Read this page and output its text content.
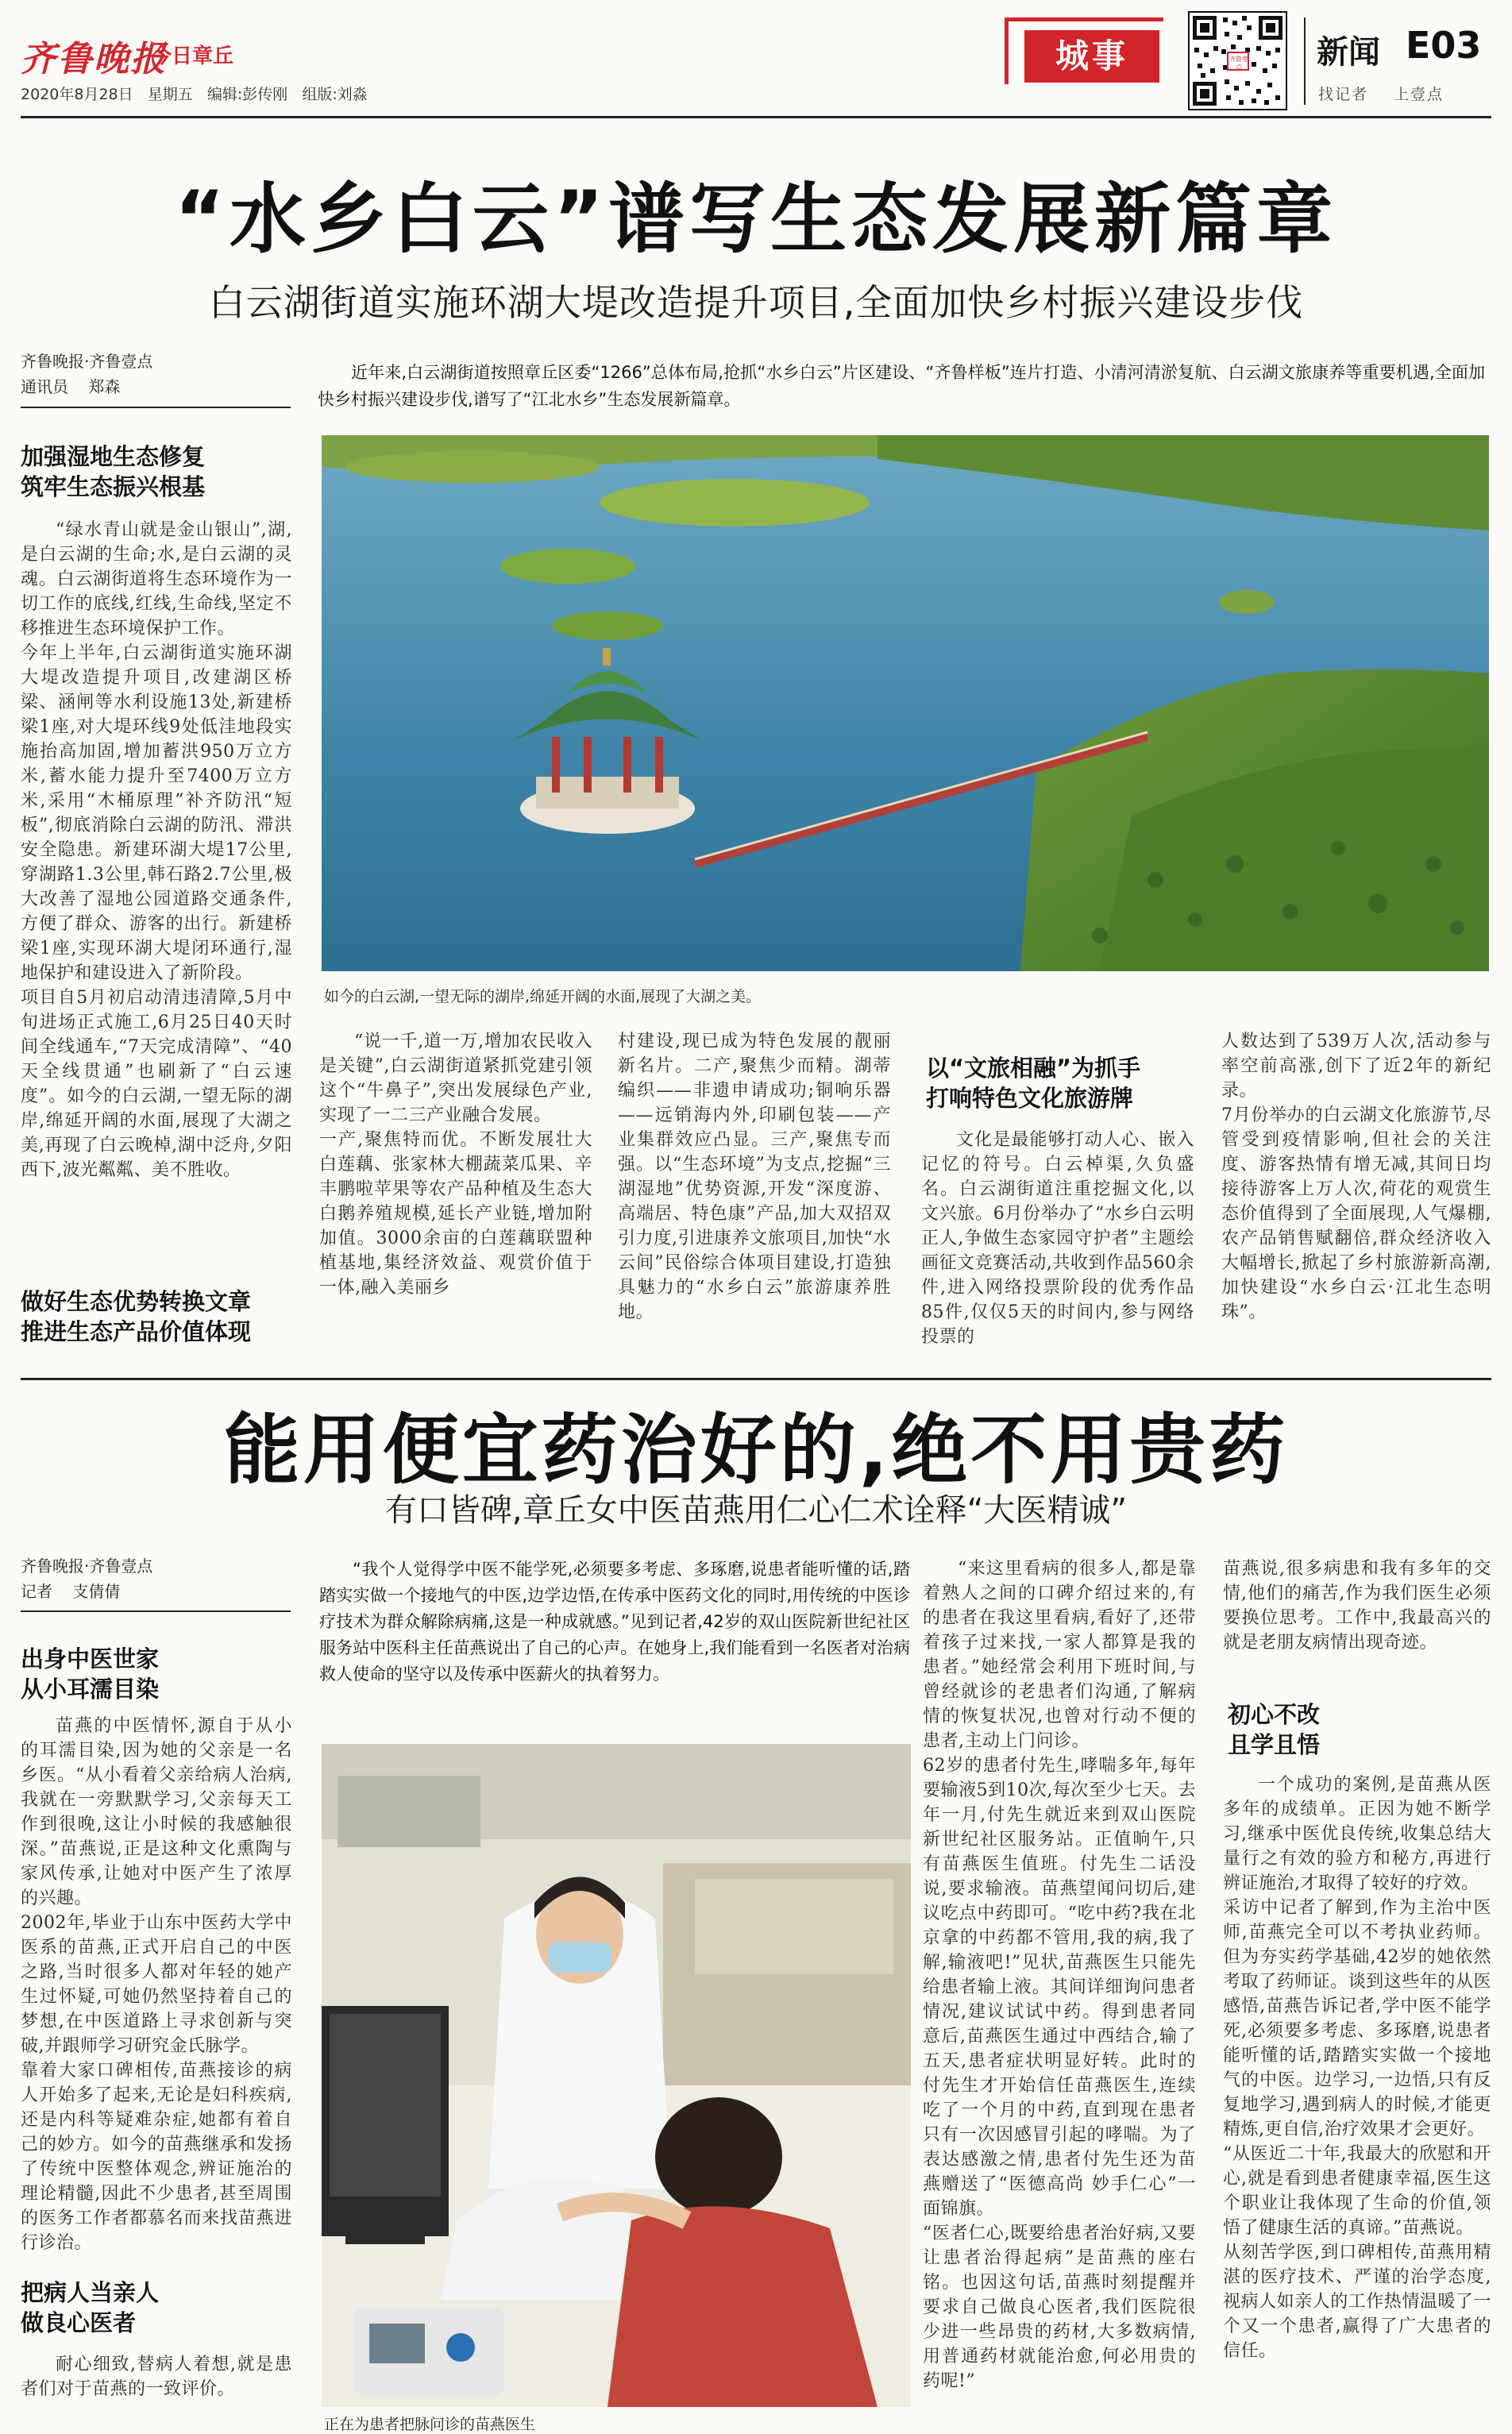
齐鲁晚报
今日章丘
2020年8月28日   星期五   编辑:彭传刚   组版:刘淼
城事	齐鲁壹点 新闻 E03
找记者    上壹点
“水乡白云”谱写生态发展新篇章
白云湖街道实施环湖大堤改造提升项目,全面加快乡村振兴建设步伐
齐鲁晚报·齐鲁壹点
通讯员    郑森
近年来,白云湖街道按照章丘区委“1266”总体布局,抢抓“水乡白云”片区建设、“齐鲁样板”连片打造、小清河清淤复航、白云湖文旅康养等重要机遇,全面加快乡村振兴建设步伐,谱写了“江北水乡”生态发展新篇章。
加强湿地生态修复
筑牢生态振兴根基
“绿水青山就是金山银山”,湖,是白云湖的生命;水,是白云湖的灵魂。白云湖街道将生态环境作为一切工作的底线,红线,生命线,坚定不移推进生态环境保护工作。
今年上半年,白云湖街道实施环湖大堤改造提升项目,改建湖区桥梁、涵闸等水利设施13处,新建桥梁1座,对大堤环线9处低洼地段实施抬高加固,增加蓄洪950万立方米,蓄水能力提升至7400万立方米,采用“木桶原理”补齐防汛“短板”,彻底消除白云湖的防汛、滞洪安全隐患。新建环湖大堤17公里,穿湖路1.3公里,韩石路2.7公里,极大改善了湿地公园道路交通条件,方便了群众、游客的出行。新建桥梁1座,实现环湖大堤闭环通行,湿地保护和建设进入了新阶段。
项目自5月初启动清违清障,5月中旬进场正式施工,6月25日40天时间全线通车,“7天完成清障”、“40天全线贯通”也刷新了“白云速度”。如今的白云湖,一望无际的湖岸,绵延开阔的水面,展现了大湖之美,再现了白云晚棹,湖中泛舟,夕阳西下,波光粼粼、美不胜收。
做好生态优势转换文章
推进生态产品价值体现
如今的白云湖,一望无际的湖岸,绵延开阔的水面,展现了大湖之美。
“说一千,道一万,增加农民收入是关键”,白云湖街道紧抓党建引领这个“牛鼻子”,突出发展绿色产业,实现了一二三产业融合发展。
一产,聚焦特而优。不断发展壮大白莲藕、张家林大棚蔬菜瓜果、辛丰鹏啦苹果等农产品种植及生态大白鹅养殖规模,延长产业链,增加附加值。3000余亩的白莲藕联盟种植基地,集经济效益、观赏价值于一体,融入美丽乡
村建设,现已成为特色发展的靓丽新名片。二产,聚焦少而精。湖蒂编织——非遗申请成功;铜响乐器——远销海内外,印刷包装——产业集群效应凸显。三产,聚焦专而强。以“生态环境”为支点,挖掘“三湖湿地”优势资源,开发“深度游、高端居、特色康”产品,加大双招双引力度,引进康养文旅项目,加快“水云间”民俗综合体项目建设,打造独具魅力的“水乡白云”旅游康养胜地。
以“文旅相融”为抓手
打响特色文化旅游牌
文化是最能够打动人心、嵌入记忆的符号。白云棹渠,久负盛名。白云湖街道注重挖掘文化,以文兴旅。6月份举办了“水乡白云明正人,争做生态家园守护者”主题绘画征文竞赛活动,共收到作品560余件,进入网络投票阶段的优秀作品85件,仅仅5天的时间内,参与网络投票的
人数达到了539万人次,活动参与率空前高涨,创下了近2年的新纪录。
7月份举办的白云湖文化旅游节,尽管受到疫情影响,但社会的关注度、游客热情有增无减,其间日均接待游客上万人次,荷花的观赏生态价值得到了全面展现,人气爆棚,农产品销售赋翻倍,群众经济收入大幅增长,掀起了乡村旅游新高潮,加快建设“水乡白云·江北生态明珠”。
能用便宜药治好的,绝不用贵药
有口皆碑,章丘女中医苗燕用仁心仁术诠释“大医精诚”
齐鲁晚报·齐鲁壹点
记者    支倩倩
出身中医世家
从小耳濡目染
苗燕的中医情怀,源自于从小的耳濡目染,因为她的父亲是一名乡医。“从小看着父亲给病人治病,我就在一旁默默学习,父亲每天工作到很晚,这让小时候的我感触很深。”苗燕说,正是这种文化熏陶与家风传承,让她对中医产生了浓厚的兴趣。
2002年,毕业于山东中医药大学中医系的苗燕,正式开启自己的中医之路,当时很多人都对年轻的她产生过怀疑,可她仍然坚持着自己的梦想,在中医道路上寻求创新与突破,并跟师学习研究金氏脉学。
靠着大家口碑相传,苗燕接诊的病人开始多了起来,无论是妇科疾病,还是内科等疑难杂症,她都有着自己的妙方。如今的苗燕继承和发扬了传统中医整体观念,辨证施治的理论精髓,因此不少患者,甚至周围的医务工作者都慕名而来找苗燕进行诊治。
把病人当亲人
做良心医者
耐心细致,替病人着想,就是患者们对于苗燕的一致评价。
“我个人觉得学中医不能学死,必须要多考虑、多琢磨,说患者能听懂的话,踏踏实实做一个接地气的中医,边学边悟,在传承中医药文化的同时,用传统的中医诊疗技术为群众解除病痛,这是一种成就感。”见到记者,42岁的双山医院新世纪社区服务站中医科主任苗燕说出了自己的心声。在她身上,我们能看到一名医者对治病救人使命的坚守以及传承中医薪火的执着努力。
正在为患者把脉问诊的苗燕医生
“来这里看病的很多人,都是靠着熟人之间的口碑介绍过来的,有的患者在我这里看病,看好了,还带着孩子过来找,一家人都算是我的患者。”她经常会利用下班时间,与曾经就诊的老患者们沟通,了解病情的恢复状况,也曾对行动不便的患者,主动上门问诊。
62岁的患者付先生,哮喘多年,每年要输液5到10次,每次至少七天。去年一月,付先生就近来到双山医院新世纪社区服务站。正值晌午,只有苗燕医生值班。付先生二话没说,要求输液。苗燕望闻问切后,建议吃点中药即可。“吃中药?我在北京拿的中药都不管用,我的病,我了解,输液吧!”见状,苗燕医生只能先给患者输上液。其间详细询问患者情况,建议试试中药。得到患者同意后,苗燕医生通过中西结合,输了五天,患者症状明显好转。此时的付先生才开始信任苗燕医生,连续吃了一个月的中药,直到现在患者只有一次因感冒引起的哮喘。为了表达感激之情,患者付先生还为苗燕赠送了“医德高尚 妙手仁心”一面锦旗。
“医者仁心,既要给患者治好病,又要让患者治得起病”是苗燕的座右铭。也因这句话,苗燕时刻提醒并要求自己做良心医者,我们医院很少进一些昂贵的药材,大多数病情,用普通药材就能治愈,何必用贵的药呢!”
苗燕说,很多病患和我有多年的交情,他们的痛苦,作为我们医生必须要换位思考。工作中,我最高兴的就是老朋友病情出现奇迹。
初心不改
且学且悟
一个成功的案例,是苗燕从医多年的成绩单。正因为她不断学习,继承中医优良传统,收集总结大量行之有效的验方和秘方,再进行辨证施治,才取得了较好的疗效。
采访中记者了解到,作为主治中医师,苗燕完全可以不考执业药师。但为夯实药学基础,42岁的她依然考取了药师证。谈到这些年的从医感悟,苗燕告诉记者,学中医不能学死,必须要多考虑、多琢磨,说患者能听懂的话,踏踏实实做一个接地气的中医。边学习,一边悟,只有反复地学习,遇到病人的时候,才能更精炼,更自信,治疗效果才会更好。
“从医近二十年,我最大的欣慰和开心,就是看到患者健康幸福,医生这个职业让我体现了生命的价值,领悟了健康生活的真谛。”苗燕说。
从刻苦学医,到口碑相传,苗燕用精湛的医疗技术、严谨的治学态度,视病人如亲人的工作热情温暖了一个又一个患者,赢得了广大患者的信任。
